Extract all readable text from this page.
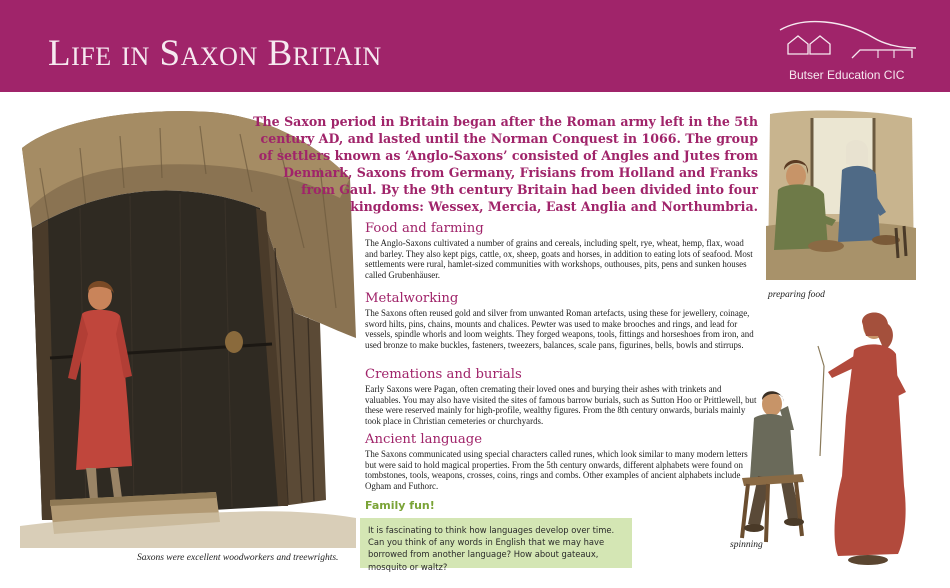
Life in Saxon Britain
Butser Education CIC
Saxons were excellent woodworkers and treewrights.
The Saxon period in Britain began after the Roman army left in the 5th century AD, and lasted until the Norman Conquest in 1066. The group of settlers known as ‘Anglo-Saxons’ consisted of Angles and Jutes from Denmark, Saxons from Germany, Frisians from Holland and Franks from Gaul. By the 9th century Britain had been divided into four kingdoms: Wessex, Mercia, East Anglia and Northumbria.
Food and farming

The Anglo-Saxons cultivated a number of grains and cereals, including spelt, rye, wheat, hemp, flax, woad and barley. They also kept pigs, cattle, ox, sheep, goats and horses, in addition to eating lots of seafood. Most settlements were rural, hamlet-sized communities with workshops, outhouses, pits, pens and sunken houses called Grubenhäuser.

Metalworking

The Saxons often reused gold and silver from unwanted Roman artefacts, using these for jewellery, coinage, sword hilts, pins, chains, mounts and chalices. Pewter was used to make brooches and rings, and lead for vessels, spindle whorls and loom weights. They forged weapons, tools, fittings and horseshoes from iron, and used bronze to make buckles, fasteners, tweezers, balances, scale pans, figurines, bells, bowls and stirrups.

Cremations and burials

Early Saxons were Pagan, often cremating their loved ones and burying their ashes with trinkets and valuables. You may also have visited the sites of famous barrow burials, such as Sutton Hoo or Prittlewell, but these were reserved mainly for high-profile, wealthy figures. From the 8th century onwards, burials mainly took place in Christian cemeteries or churchyards.

Ancient language

The Saxons communicated using special characters called runes, which look similar to many modern letters but were said to hold magical properties. From the 5th century onwards, different alphabets were found on tombstones, tools, weapons, crosses, coins, rings and combs. Other examples of ancient alphabets include Ogham and Futhorc.

Family fun!
It is fascinating to think how languages develop over time. Can you think of any words in English that we may have borrowed from another language? How about gateaux, mosquito or waltz?
preparing food
spinning
